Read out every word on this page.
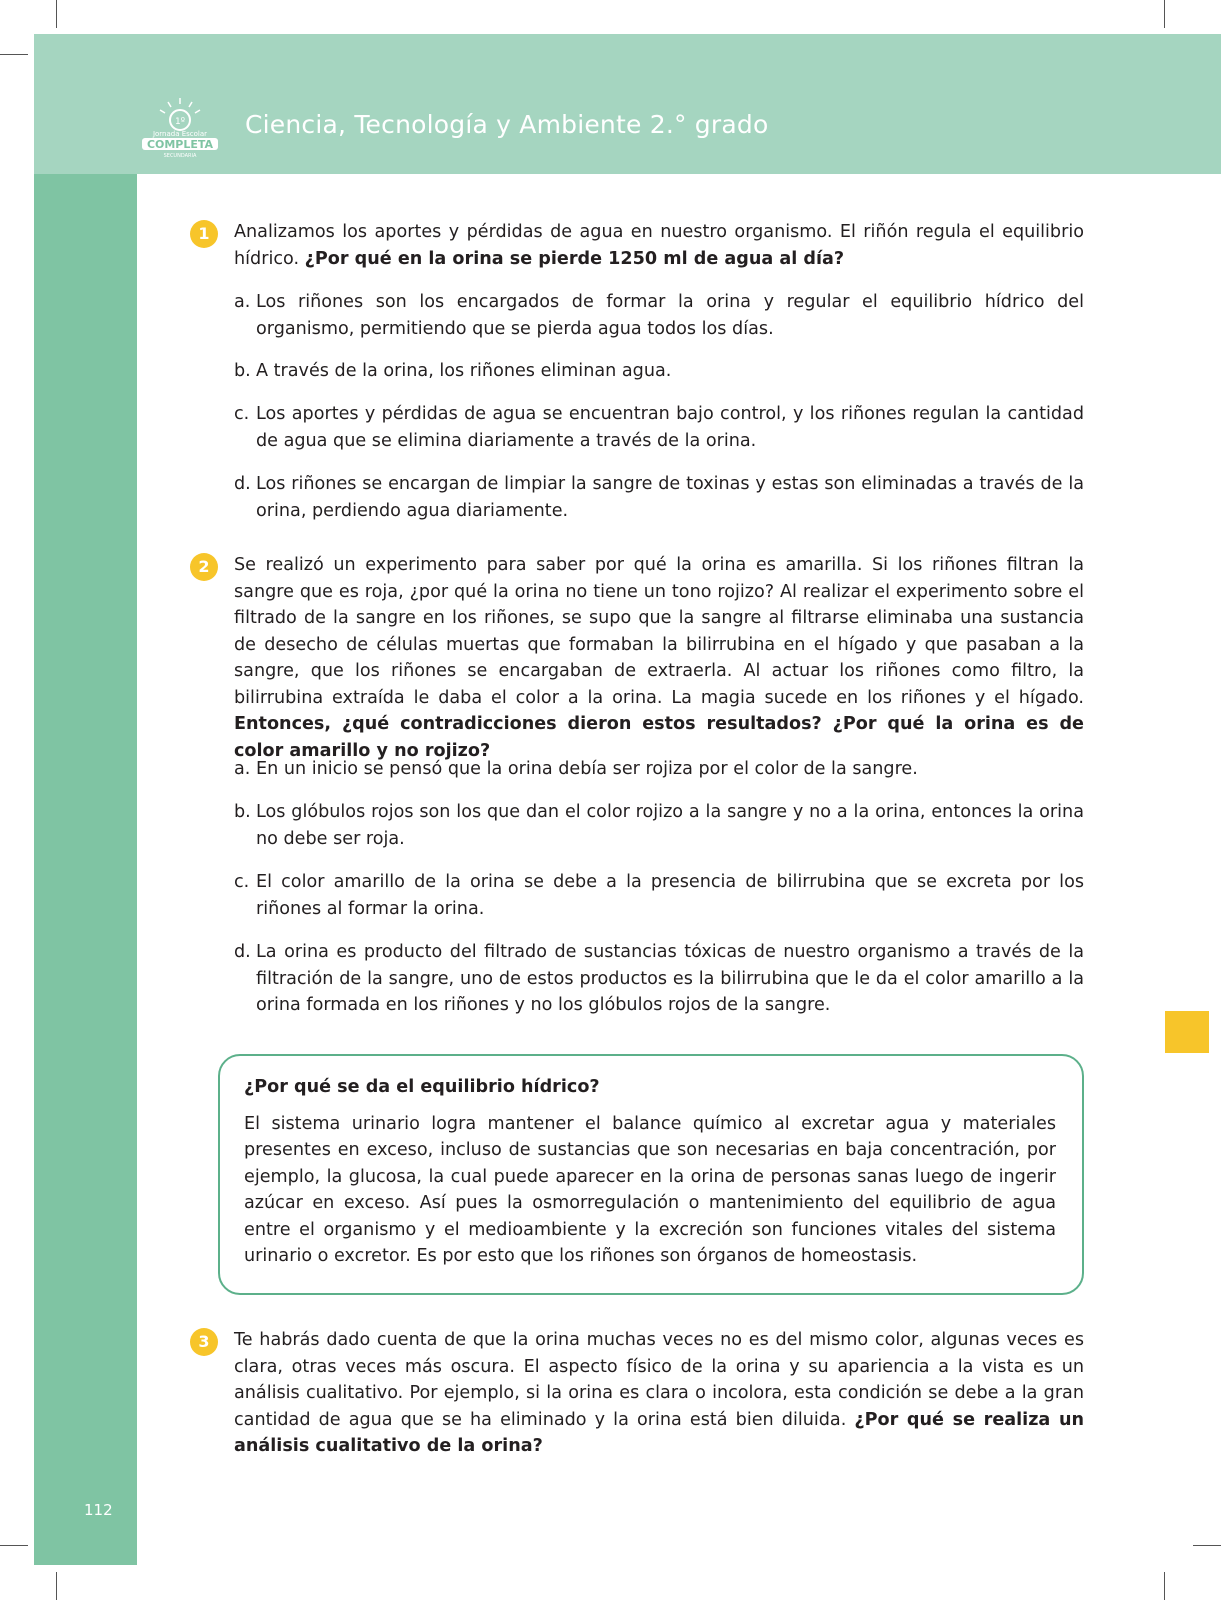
1º
Jornada Escolar
COMPLETA
SECUNDARIA
Ciencia, Tecnología y Ambiente 2.° grado
112
1	Analizamos los aportes y pérdidas de agua en nuestro organismo. El riñón regula el equilibrio hídrico. ¿Por qué en la orina se pierde 1250 ml de agua al día?

a. Los riñones son los encargados de formar la orina y regular el equilibrio hídrico del organismo, permitiendo que se pierda agua todos los días.
b. A través de la orina, los riñones eliminan agua.
c. Los aportes y pérdidas de agua se encuentran bajo control, y los riñones regulan la cantidad de agua que se elimina diariamente a través de la orina.
d. Los riñones se encargan de limpiar la sangre de toxinas y estas son eliminadas a través de la orina, perdiendo agua diariamente.
2	Se realizó un experimento para saber por qué la orina es amarilla. Si los riñones filtran la sangre que es roja, ¿por qué la orina no tiene un tono rojizo? Al realizar el experimento sobre el filtrado de la sangre en los riñones, se supo que la sangre al filtrarse eliminaba una sustancia de desecho de células muertas que formaban la bilirrubina en el hígado y que pasaban a la sangre, que los riñones se encargaban de extraerla. Al actuar los riñones como filtro, la bilirrubina extraída le daba el color a la orina. La magia sucede en los riñones y el hígado. Entonces, ¿qué contradicciones dieron estos resultados? ¿Por qué la orina es de color amarillo y no rojizo?

a. En un inicio se pensó que la orina debía ser rojiza por el color de la sangre.
b. Los glóbulos rojos son los que dan el color rojizo a la sangre y no a la orina, entonces la orina no debe ser roja.
c. El color amarillo de la orina se debe a la presencia de bilirrubina que se excreta por los riñones al formar la orina.
d. La orina es producto del filtrado de sustancias tóxicas de nuestro organismo a través de la filtración de la sangre, uno de estos productos es la bilirrubina que le da el color amarillo a la orina formada en los riñones y no los glóbulos rojos de la sangre.
¿Por qué se da el equilibrio hídrico?

El sistema urinario logra mantener el balance químico al excretar agua y materiales presentes en exceso, incluso de sustancias que son necesarias en baja concentración, por ejemplo, la glucosa, la cual puede aparecer en la orina de personas sanas luego de ingerir azúcar en exceso. Así pues la osmorregulación o mantenimiento del equilibrio de agua entre el organismo y el medioambiente y la excreción son funciones vitales del sistema urinario o excretor. Es por esto que los riñones son órganos de homeostasis.

3	Te habrás dado cuenta de que la orina muchas veces no es del mismo color, algunas veces es clara, otras veces más oscura. El aspecto físico de la orina y su apariencia a la vista es un análisis cualitativo. Por ejemplo, si la orina es clara o incolora, esta condición se debe a la gran cantidad de agua que se ha eliminado y la orina está bien diluida. ¿Por qué se realiza un análisis cualitativo de la orina?
